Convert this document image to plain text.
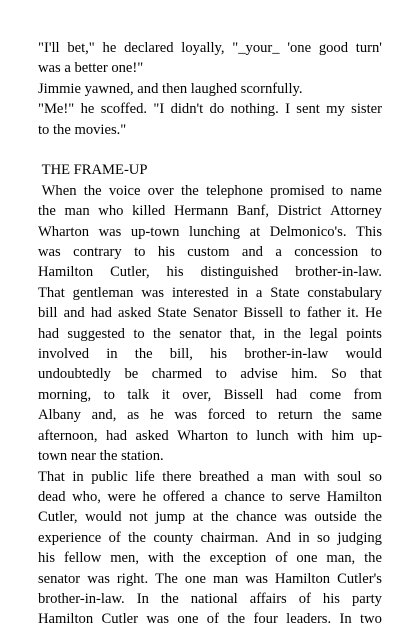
"I'll bet," he declared loyally, "_your_ 'one good turn'
was a better one!"
Jimmie yawned, and then laughed scornfully.
"Me!" he scoffed. "I didn't do nothing. I sent my sister
to the movies."
THE FRAME-UP
When the voice over the telephone promised to name
the man who killed Hermann Banf, District Attorney
Wharton was up-town lunching at Delmonico's. This
was contrary to his custom and a concession to
Hamilton Cutler, his distinguished brother-in-law.
That gentleman was interested in a State constabulary
bill and had asked State Senator Bissell to father it. He
had suggested to the senator that, in the legal points
involved in the bill, his brother-in-law would
undoubtedly be charmed to advise him. So that
morning, to talk it over, Bissell had come from
Albany and, as he was forced to return the same
afternoon, had asked Wharton to lunch with him up-
town near the station.
That in public life there breathed a man with soul so
dead who, were he offered a chance to serve Hamilton
Cutler, would not jump at the chance was outside the
experience of the county chairman. And in so judging
his fellow men, with the exception of one man, the
senator was right. The one man was Hamilton Cutler's
brother-in-law. In the national affairs of his party
Hamilton Cutler was one of the four leaders. In two
